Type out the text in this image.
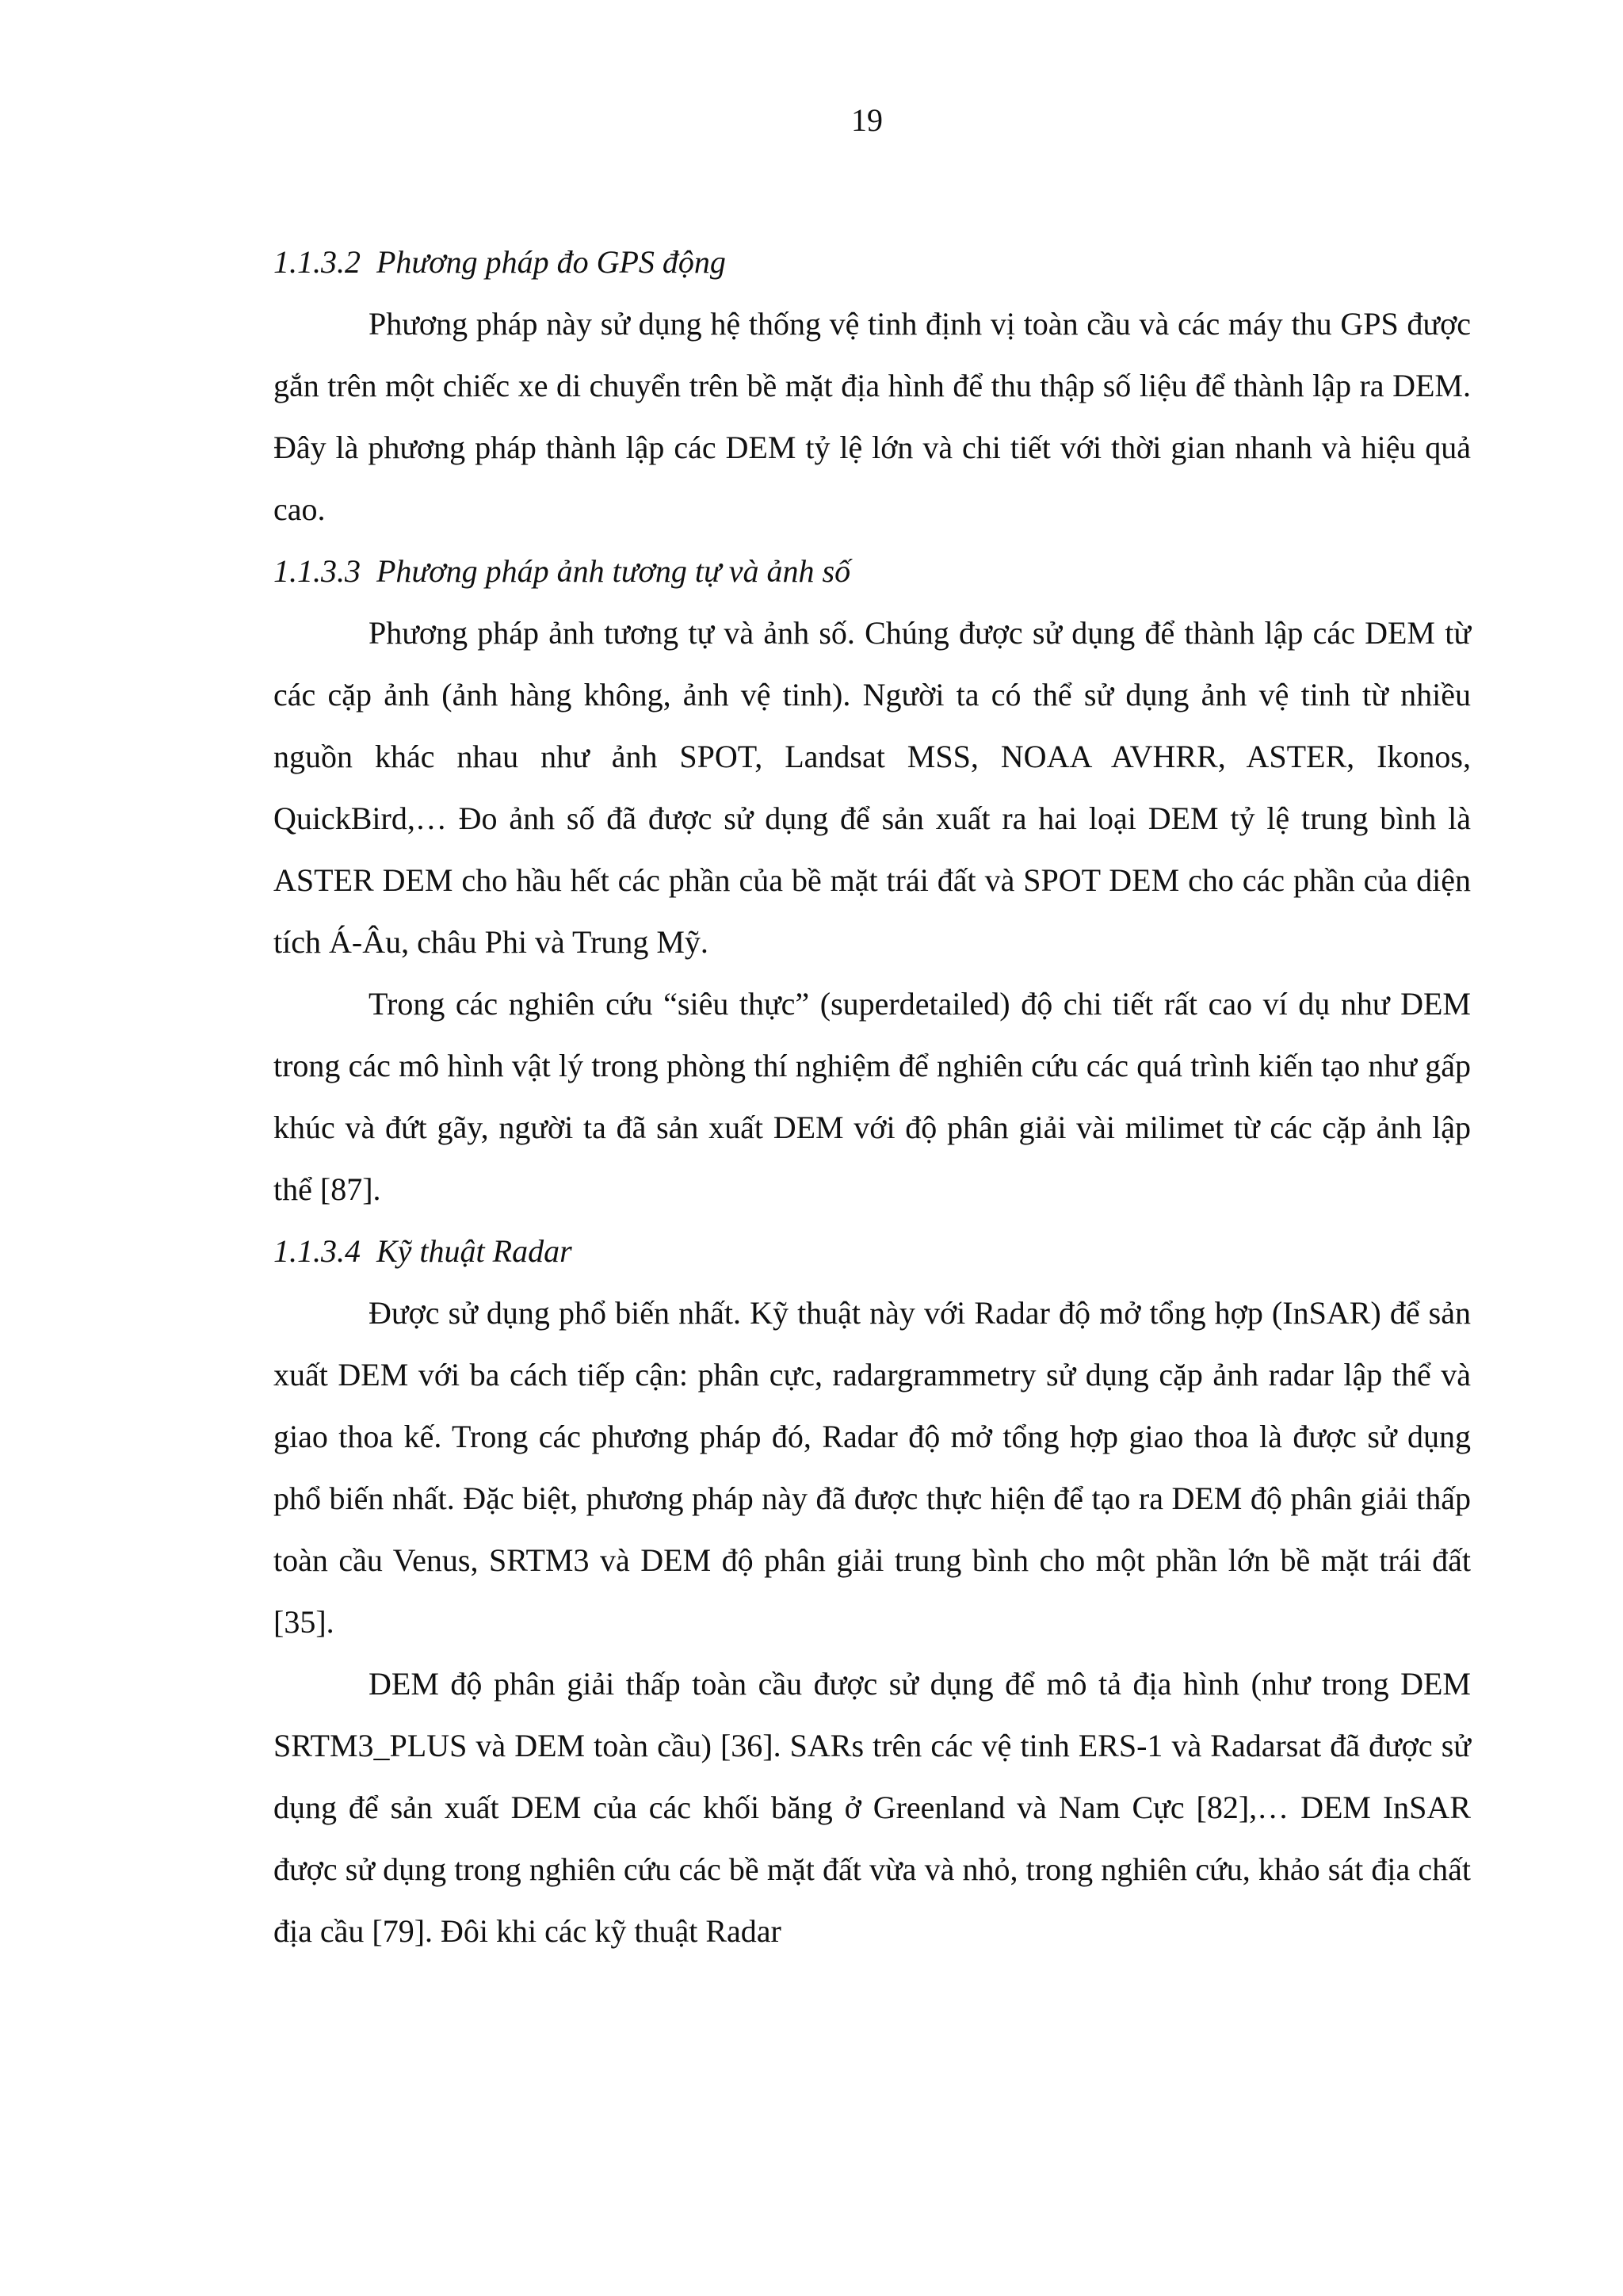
19

1.1.3.2  Phương pháp đo GPS động

Phương pháp này sử dụng hệ thống vệ tinh định vị toàn cầu và các máy thu GPS được gắn trên một chiếc xe di chuyển trên bề mặt địa hình để thu thập số liệu để thành lập ra DEM. Đây là phương pháp thành lập các DEM tỷ lệ lớn và chi tiết với thời gian nhanh và hiệu quả cao.

1.1.3.3  Phương pháp ảnh tương tự và ảnh số

Phương pháp ảnh tương tự và ảnh số. Chúng được sử dụng để thành lập các DEM từ các cặp ảnh (ảnh hàng không, ảnh vệ tinh). Người ta có thể sử dụng ảnh vệ tinh từ nhiều nguồn khác nhau như ảnh SPOT, Landsat MSS, NOAA AVHRR, ASTER, Ikonos, QuickBird,… Đo ảnh số đã được sử dụng để sản xuất ra hai loại DEM tỷ lệ trung bình là ASTER DEM cho hầu hết các phần của bề mặt trái đất và SPOT DEM cho các phần của diện tích Á-Âu, châu Phi và Trung Mỹ.

Trong các nghiên cứu “siêu thực” (superdetailed) độ chi tiết rất cao ví dụ như DEM trong các mô hình vật lý trong phòng thí nghiệm để nghiên cứu các quá trình kiến tạo như gấp khúc và đứt gãy, người ta đã sản xuất DEM với độ phân giải vài milimet từ các cặp ảnh lập thể [87].

1.1.3.4  Kỹ thuật Radar

Được sử dụng phổ biến nhất. Kỹ thuật này với Radar độ mở tổng hợp (InSAR) để sản xuất DEM với ba cách tiếp cận: phân cực, radargrammetry sử dụng cặp ảnh radar lập thể và giao thoa kế. Trong các phương pháp đó, Radar độ mở tổng hợp giao thoa là được sử dụng phổ biến nhất. Đặc biệt, phương pháp này đã được thực hiện để tạo ra DEM độ phân giải thấp toàn cầu Venus, SRTM3 và DEM độ phân giải trung bình cho một phần lớn bề mặt trái đất [35].

DEM độ phân giải thấp toàn cầu được sử dụng để mô tả địa hình (như trong DEM SRTM3_PLUS và DEM toàn cầu) [36]. SARs trên các vệ tinh ERS-1 và Radarsat đã được sử dụng để sản xuất DEM của các khối băng ở Greenland và Nam Cực [82],… DEM InSAR được sử dụng trong nghiên cứu các bề mặt đất vừa và nhỏ, trong nghiên cứu, khảo sát địa chất địa cầu [79]. Đôi khi các kỹ thuật Radar
